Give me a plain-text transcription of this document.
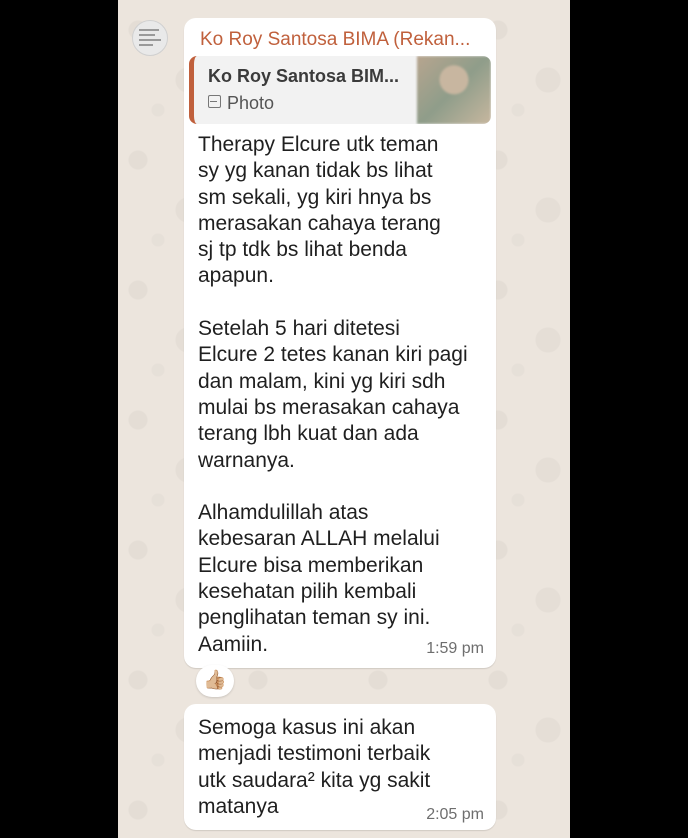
Ko Roy Santosa BIMA (Rekan...
Ko Roy Santosa BIM...
Photo
Therapy Elcure utk teman
sy yg kanan tidak bs lihat
sm sekali, yg kiri hnya bs
merasakan cahaya terang
sj tp tdk bs lihat benda
apapun.

Setelah 5 hari ditetesi
Elcure 2 tetes kanan kiri pagi
dan malam, kini yg kiri sdh
mulai bs merasakan cahaya
terang lbh kuat dan ada
warnanya.

Alhamdulillah atas
kebesaran ALLAH melalui
Elcure bisa memberikan
kesehatan pilih kembali
penglihatan teman sy ini.
Aamiin.	1:59 pm
👍🏼
Semoga kasus ini akan
menjadi testimoni terbaik
utk saudara² kita yg sakit
matanya	2:05 pm
